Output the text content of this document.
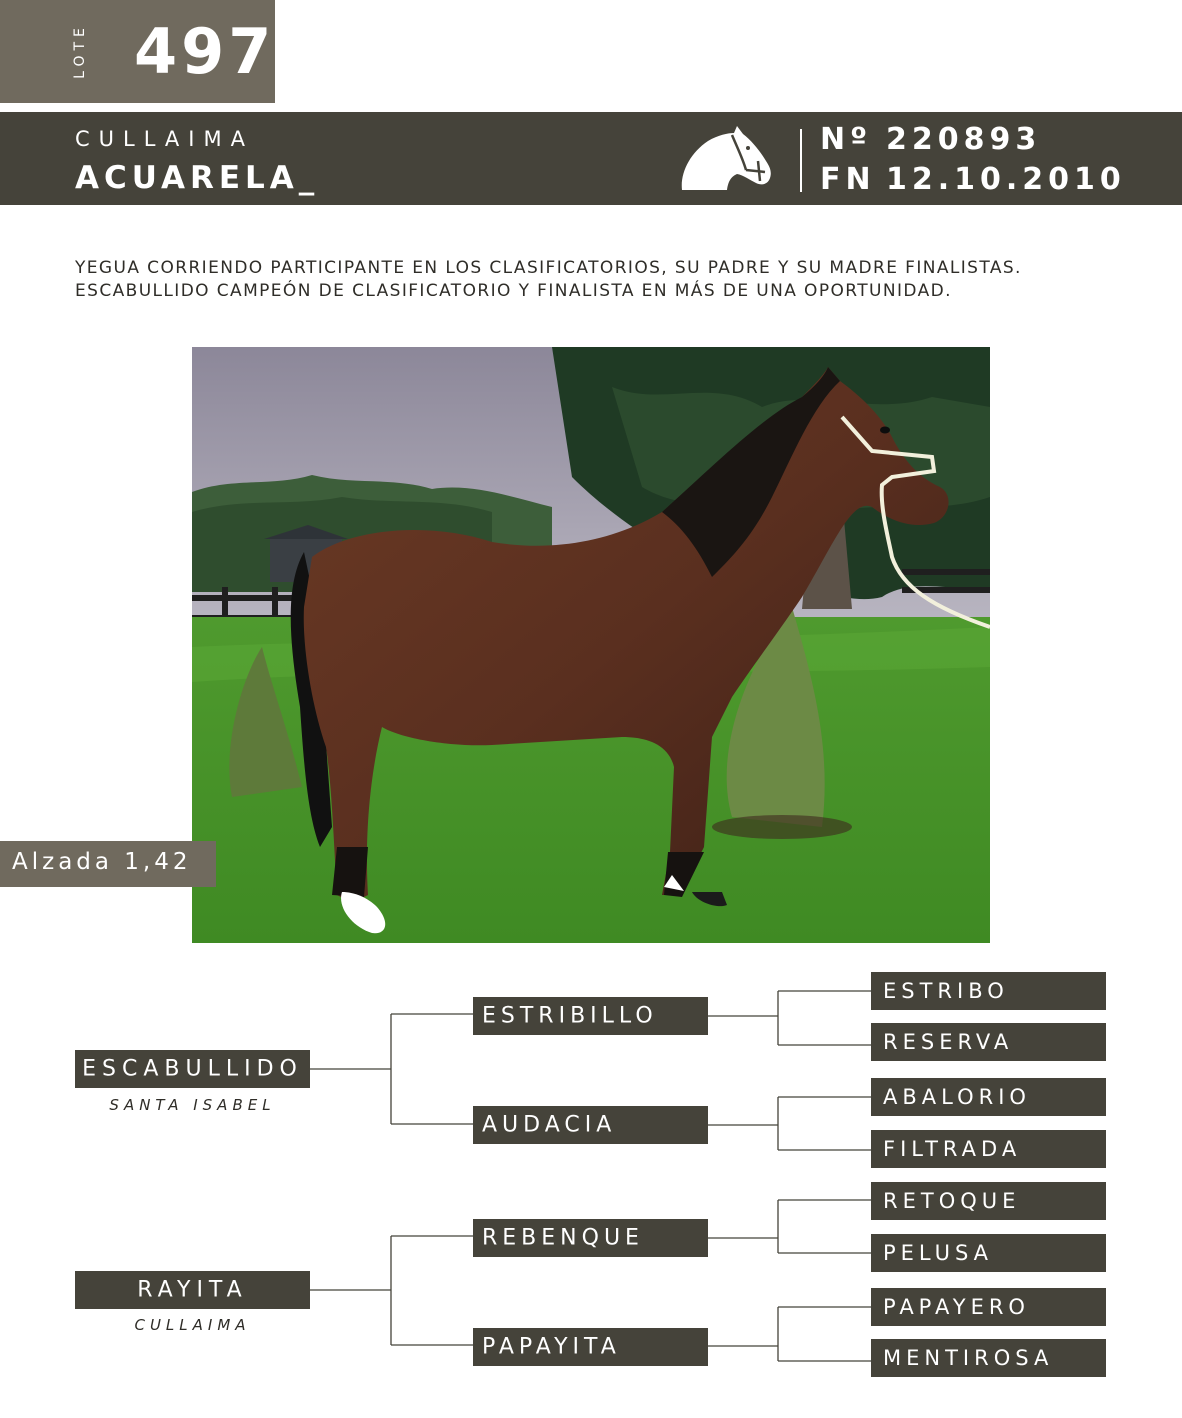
LOTE 497
CULLAIMA
ACUARELA_
Nº 220893
FN 12.10.2010
YEGUA CORRIENDO PARTICIPANTE EN LOS CLASIFICATORIOS, SU PADRE Y SU MADRE FINALISTAS.
ESCABULLIDO CAMPEÓN DE CLASIFICATORIO Y FINALISTA EN MÁS DE UNA OPORTUNIDAD.
Alzada 1,42
ESCABULLIDO
SANTA ISABEL
RAYITA
CULLAIMA
ESTRIBILLO
AUDACIA
REBENQUE
PAPAYITA
ESTRIBO
RESERVA
ABALORIO
FILTRADA
RETOQUE
PELUSA
PAPAYERO
MENTIROSA
